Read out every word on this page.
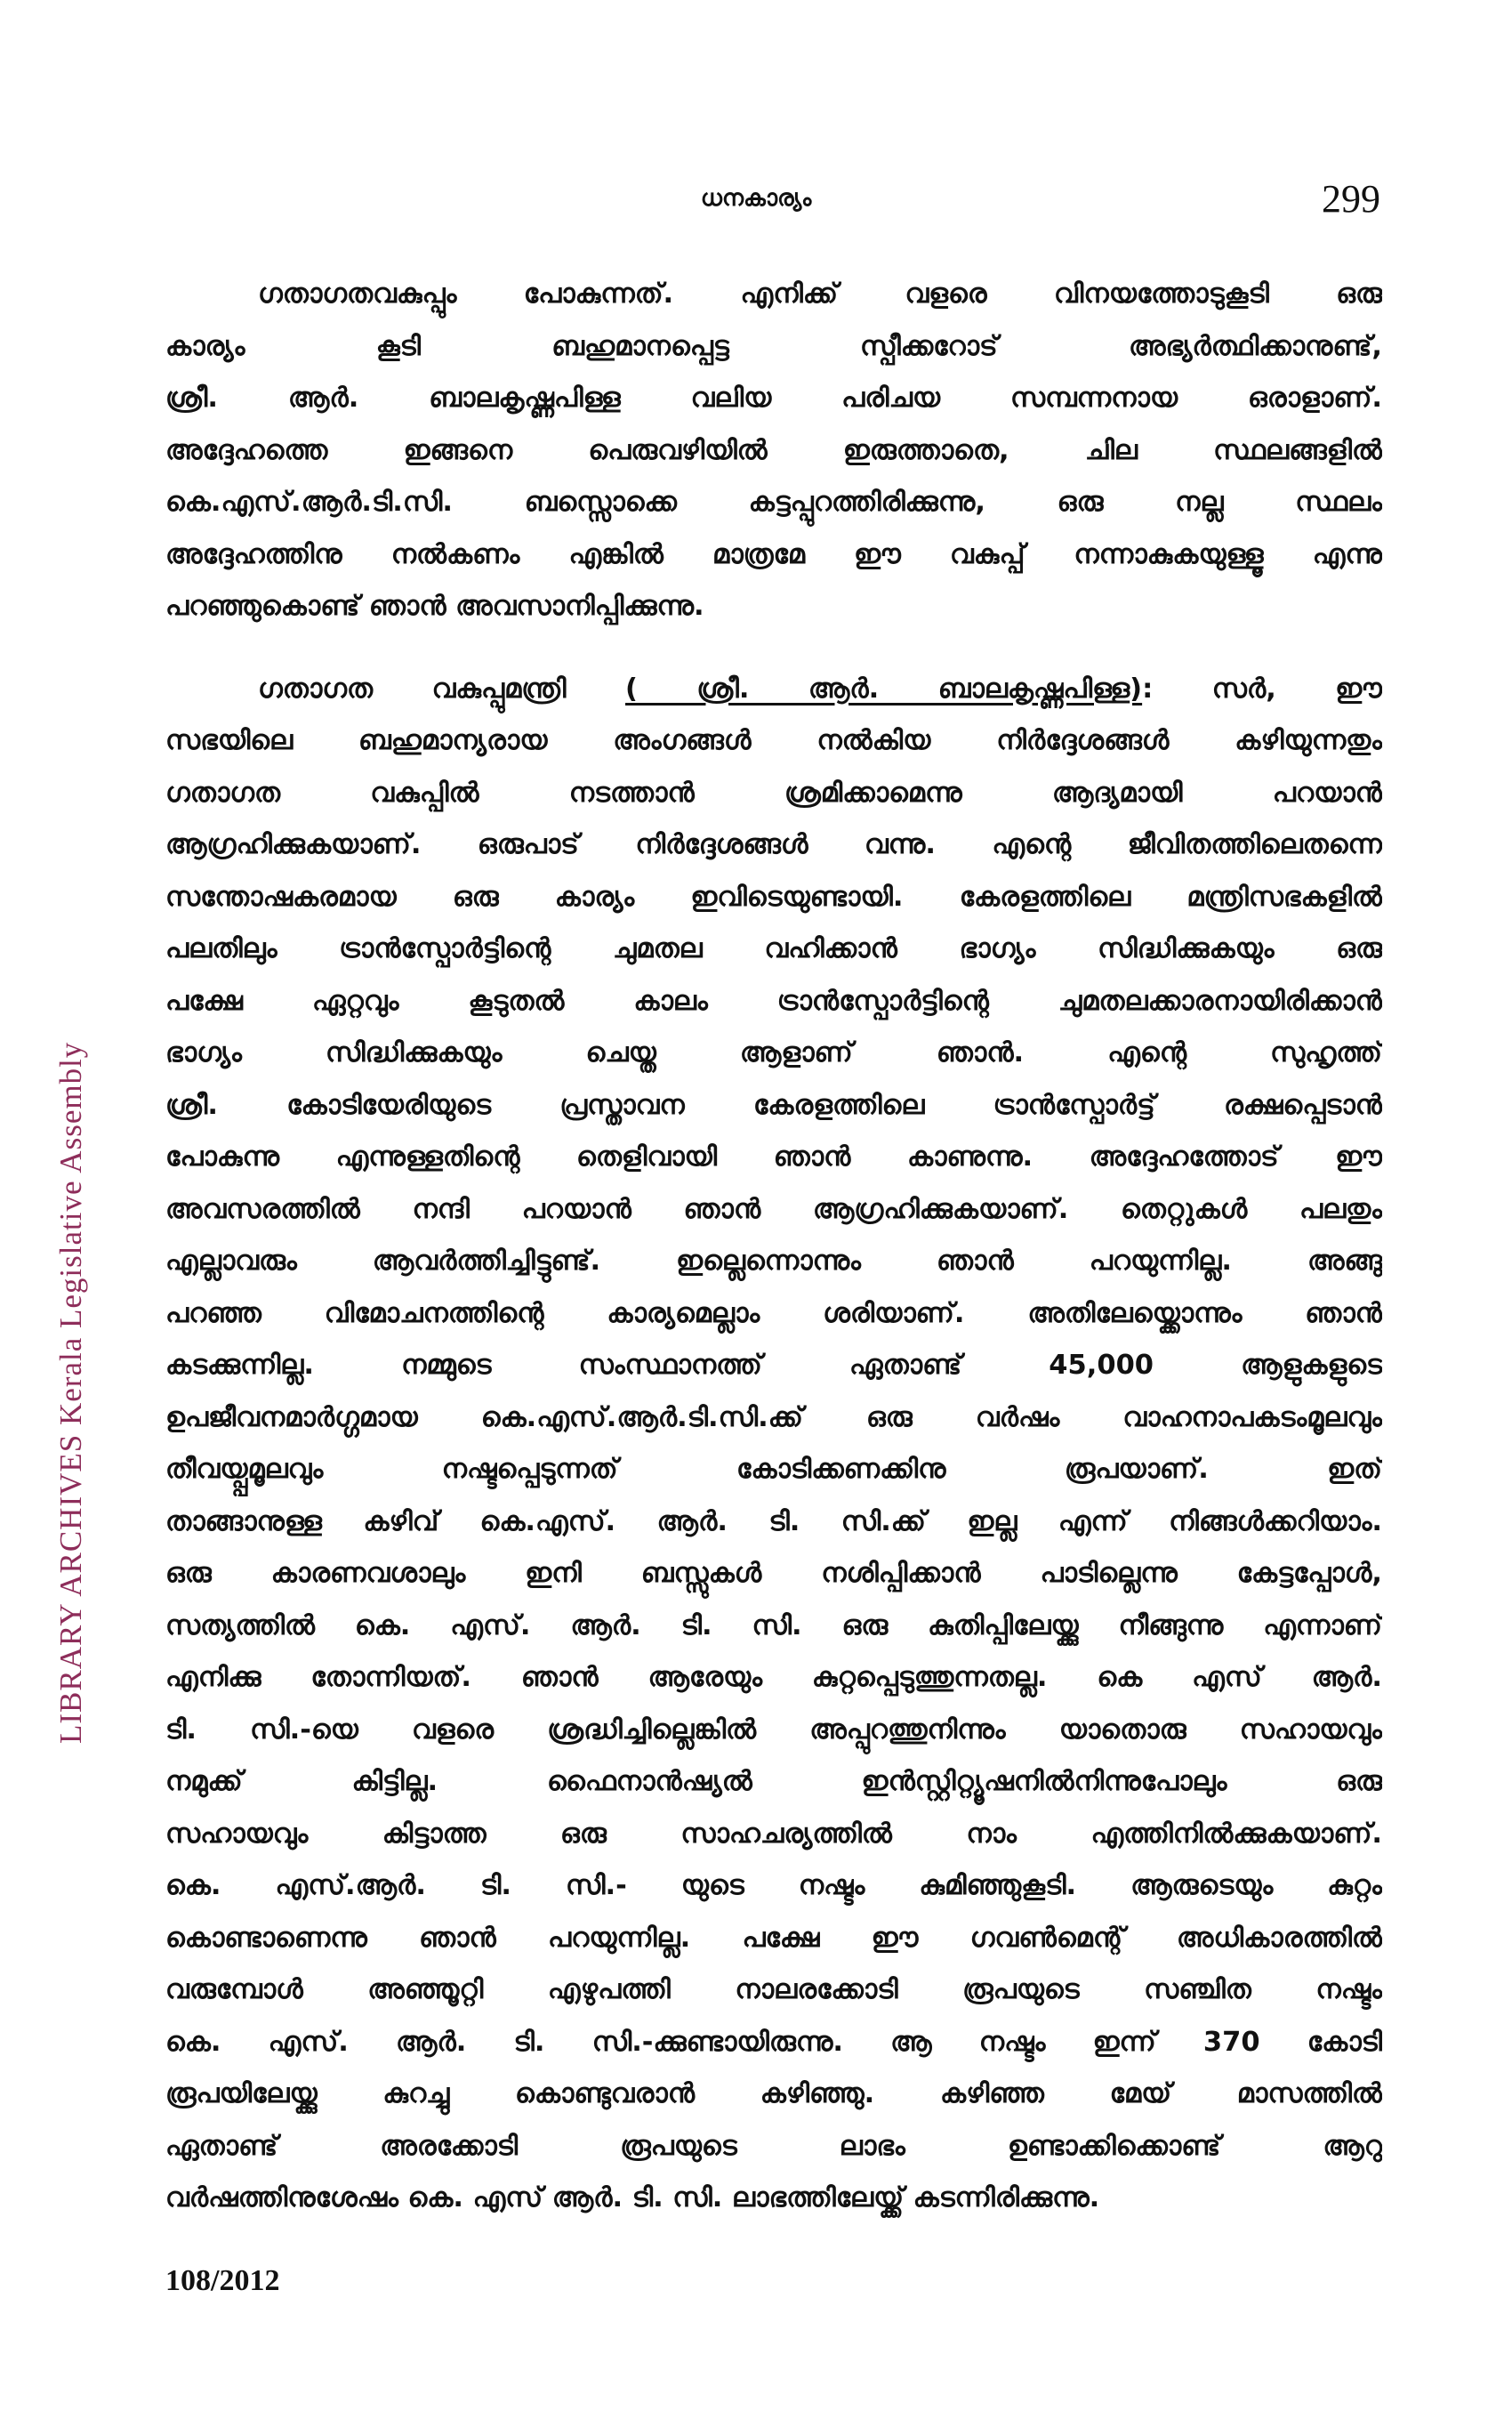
LIBRARY ARCHIVES Kerala Legislative Assembly
ധനകാര്യം	299
ഗതാഗതവകുപ്പും പോകുന്നത്. എനിക്ക് വളരെ വിനയത്തോടുകൂടി ഒരു
കാര്യം കൂടി ബഹുമാനപ്പെട്ട സ്പീക്കറോട് അഭ്യർത്ഥിക്കാനുണ്ട്,
ശ്രീ. ആർ. ബാലകൃഷ്ണപിള്ള വലിയ പരിചയ സമ്പന്നനായ ഒരാളാണ്.
അദ്ദേഹത്തെ ഇങ്ങനെ പെരുവഴിയിൽ ഇരുത്താതെ, ചില സ്ഥലങ്ങളിൽ
കെ.എസ്.ആർ.ടി.സി. ബസ്സൊക്കെ കട്ടപ്പുറത്തിരിക്കുന്നു, ഒരു നല്ല സ്ഥലം
അദ്ദേഹത്തിനു നൽകണം എങ്കിൽ മാത്രമേ ഈ വകുപ്പ് നന്നാകുകയുള്ളൂ എന്നു
പറഞ്ഞുകൊണ്ട് ഞാൻ അവസാനിപ്പിക്കുന്നു.
ഗതാഗത വകുപ്പുമന്ത്രി ( ശ്രീ. ആർ. ബാലകൃഷ്ണപിള്ള): സർ, ഈ
സഭയിലെ ബഹുമാന്യരായ അംഗങ്ങൾ നൽകിയ നിർദ്ദേശങ്ങൾ കഴിയുന്നതും
ഗതാഗത വകുപ്പിൽ നടത്താൻ ശ്രമിക്കാമെന്നു ആദ്യമായി പറയാൻ
ആഗ്രഹിക്കുകയാണ്. ഒരുപാട് നിർദ്ദേശങ്ങൾ വന്നു. എന്റെ ജീവിതത്തിലെതന്നെ
സന്തോഷകരമായ ഒരു കാര്യം ഇവിടെയുണ്ടായി. കേരളത്തിലെ മന്ത്രിസഭകളിൽ
പലതിലും ട്രാൻസ്പോർട്ടിന്റെ ചുമതല വഹിക്കാൻ ഭാഗ്യം സിദ്ധിക്കുകയും ഒരു
പക്ഷേ ഏറ്റവും കൂടുതൽ കാലം ട്രാൻസ്പോർട്ടിന്റെ ചുമതലക്കാരനായിരിക്കാൻ
ഭാഗ്യം സിദ്ധിക്കുകയും ചെയ്ത ആളാണ് ഞാൻ. എന്റെ സുഹൃത്ത്
ശ്രീ. കോടിയേരിയുടെ പ്രസ്താവന കേരളത്തിലെ ട്രാൻസ്പോർട്ട് രക്ഷപ്പെടാൻ
പോകുന്നു എന്നുള്ളതിന്റെ തെളിവായി ഞാൻ കാണുന്നു. അദ്ദേഹത്തോട് ഈ
അവസരത്തിൽ നന്ദി പറയാൻ ഞാൻ ആഗ്രഹിക്കുകയാണ്. തെറ്റുകൾ പലതും
എല്ലാവരും ആവർത്തിച്ചിട്ടുണ്ട്. ഇല്ലെന്നൊന്നും ഞാൻ പറയുന്നില്ല. അങ്ങു
പറഞ്ഞ വിമോചനത്തിന്റെ കാര്യമെല്ലാം ശരിയാണ്. അതിലേയ്ക്കൊന്നും ഞാൻ
കടക്കുന്നില്ല. നമ്മുടെ സംസ്ഥാനത്ത് ഏതാണ്ട് 45,000 ആളുകളുടെ
ഉപജീവനമാർഗ്ഗമായ കെ.എസ്.ആർ.ടി.സി.ക്ക് ഒരു വർഷം വാഹനാപകടംമൂലവും
തീവയ്പ്പുമൂലവും നഷ്ടപ്പെടുന്നത് കോടിക്കണക്കിനു രൂപയാണ്. ഇത്
താങ്ങാനുള്ള കഴിവ് കെ.എസ്. ആർ. ടി. സി.ക്ക് ഇല്ല എന്ന് നിങ്ങൾക്കറിയാം.
ഒരു കാരണവശാലും ഇനി ബസ്സുകൾ നശിപ്പിക്കാൻ പാടില്ലെന്നു കേട്ടപ്പോൾ,
സത്യത്തിൽ കെ. എസ്. ആർ. ടി. സി. ഒരു കുതിപ്പിലേയ്ക്കു നീങ്ങുന്നു എന്നാണ്
എനിക്കു തോന്നിയത്. ഞാൻ ആരേയും കുറ്റപ്പെടുത്തുന്നതല്ല. കെ എസ് ആർ.
ടി. സി.-യെ വളരെ ശ്രദ്ധിച്ചില്ലെങ്കിൽ അപ്പുറത്തുനിന്നും യാതൊരു സഹായവും
നമുക്ക് കിട്ടില്ല. ഫൈനാൻഷ്യൽ ഇൻസ്റ്റിറ്റ്യൂഷനിൽനിന്നുപോലും ഒരു
സഹായവും കിട്ടാത്ത ഒരു സാഹചര്യത്തിൽ നാം എത്തിനിൽക്കുകയാണ്.
കെ. എസ്.ആർ. ടി. സി.- യുടെ നഷ്ടം കുമിഞ്ഞുകൂടി. ആരുടെയും കുറ്റം
കൊണ്ടാണെന്നു ഞാൻ പറയുന്നില്ല. പക്ഷേ ഈ ഗവൺമെന്റ് അധികാരത്തിൽ
വരുമ്പോൾ അഞ്ഞൂറ്റി എഴുപത്തി നാലരക്കോടി രൂപയുടെ സഞ്ചിത നഷ്ടം
കെ. എസ്. ആർ. ടി. സി.-ക്കുണ്ടായിരുന്നു. ആ നഷ്ടം ഇന്ന് 370 കോടി
രൂപയിലേയ്ക്കു കുറച്ചു കൊണ്ടുവരാൻ കഴിഞ്ഞു. കഴിഞ്ഞ മേയ് മാസത്തിൽ
ഏതാണ്ട് അരക്കോടി രൂപയുടെ ലാഭം ഉണ്ടാക്കിക്കൊണ്ട് ആറു
വർഷത്തിനുശേഷം കെ. എസ് ആർ. ടി. സി. ലാഭത്തിലേയ്ക്ക് കടന്നിരിക്കുന്നു.
108/2012
